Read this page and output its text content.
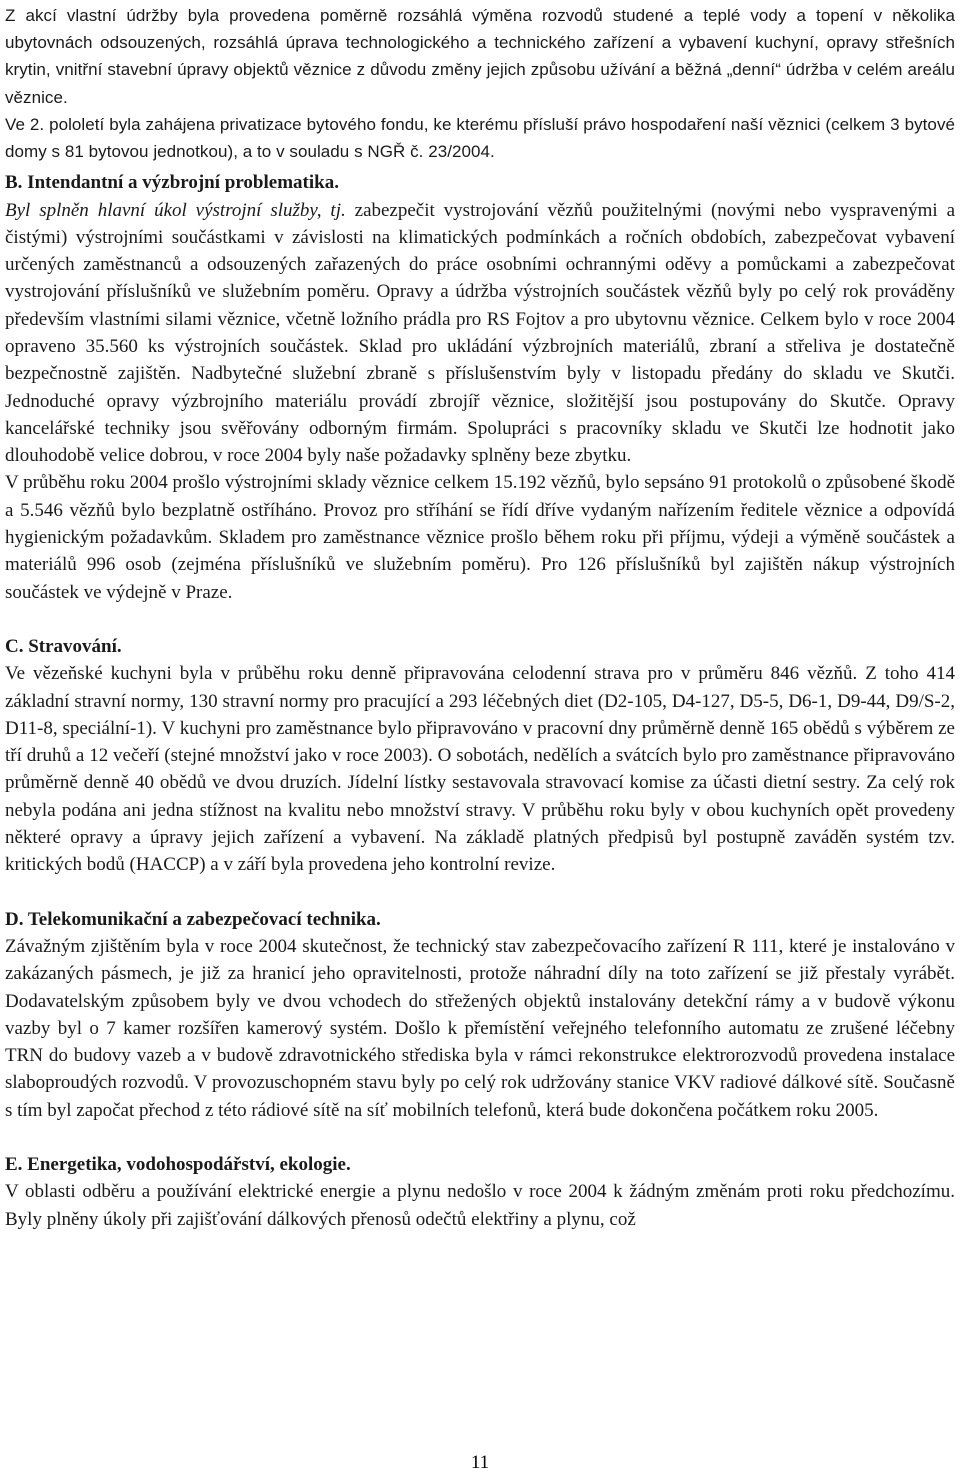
Z akcí vlastní údržby byla provedena poměrně rozsáhlá výměna rozvodů studené a teplé vody a topení v několika ubytovnách odsouzených, rozsáhlá úprava technologického a technického zařízení a vybavení kuchyní, opravy střešních krytin, vnitřní stavební úpravy objektů věznice z důvodu změny jejich způsobu užívání a běžná „denní“ údržba v celém areálu věznice.

Ve 2. pololetí byla zahájena privatizace bytového fondu, ke kterému přísluší právo hospodaření naší věznici (celkem 3 bytové domy s 81 bytovou jednotkou), a to v souladu s NGŘ č. 23/2004.

B. Intendantní a výzbrojní problematika.

Byl splněn hlavní úkol výstrojní služby, tj. zabezpečit vystrojování vězňů použitelnými (novými nebo vyspravenými a čistými) výstrojními součástkami v závislosti na klimatických podmínkách a ročních obdobích, zabezpečovat vybavení určených zaměstnanců a odsouzených zařazených do práce osobními ochrannými oděvy a pomůckami a zabezpečovat vystrojování příslušníků ve služebním poměru. Opravy a údržba výstrojních součástek vězňů byly po celý rok prováděny především vlastními silami věznice, včetně ložního prádla pro RS Fojtov a pro ubytovnu věznice. Celkem bylo v roce 2004 opraveno 35.560 ks výstrojních součástek. Sklad pro ukládání výzbrojních materiálů, zbraní a střeliva je dostatečně bezpečnostně zajištěn. Nadbytečné služební zbraně s příslušenstvím byly v listopadu předány do skladu ve Skutči. Jednoduché opravy výzbrojního materiálu provádí zbrojíř věznice, složitější jsou postupovány do Skutče. Opravy kancelářské techniky jsou svěřovány odborným firmám. Spolupráci s pracovníky skladu ve Skutči lze hodnotit jako dlouhodobě velice dobrou, v roce 2004 byly naše požadavky splněny beze zbytku.

V průběhu roku 2004 prošlo výstrojními sklady věznice celkem 15.192 vězňů, bylo sepsáno 91 protokolů o způsobené škodě a 5.546 vězňů bylo bezplatně ostříháno. Provoz pro stříhání se řídí dříve vydaným nařízením ředitele věznice a odpovídá hygienickým požadavkům. Skladem pro zaměstnance věznice prošlo během roku při příjmu, výdeji a výměně součástek a materiálů 996 osob (zejména příslušníků ve služebním poměru). Pro 126 příslušníků byl zajištěn nákup výstrojních součástek ve výdejně v Praze.

C. Stravování.

Ve vězeňské kuchyni byla v průběhu roku denně připravována celodenní strava pro v průměru 846 vězňů. Z toho 414 základní stravní normy, 130 stravní normy pro pracující a 293 léčebných diet (D2-105, D4-127, D5-5, D6-1, D9-44, D9/S-2, D11-8, speciální-1). V kuchyni pro zaměstnance bylo připravováno v pracovní dny průměrně denně 165 obědů s výběrem ze tří druhů a 12 večeří (stejné množství jako v roce 2003). O sobotách, nedělích a svátcích bylo pro zaměstnance připravováno průměrně denně 40 obědů ve dvou druzích. Jídelní lístky sestavovala stravovací komise za účasti dietní sestry. Za celý rok nebyla podána ani jedna stížnost na kvalitu nebo množství stravy. V průběhu roku byly v obou kuchyních opět provedeny některé opravy a úpravy jejich zařízení a vybavení. Na základě platných předpisů byl postupně zaváděn systém tzv. kritických bodů (HACCP) a v září byla provedena jeho kontrolní revize.

D. Telekomunikační a zabezpečovací technika.

Závažným zjištěním byla v roce 2004 skutečnost, že technický stav zabezpečovacího zařízení R 111, které je instalováno v zakázaných pásmech, je již za hranicí jeho opravitelnosti, protože náhradní díly na toto zařízení se již přestaly vyrábět. Dodavatelským způsobem byly ve dvou vchodech do střežených objektů instalovány detekční rámy a v budově výkonu vazby byl o 7 kamer rozšířen kamerový systém. Došlo k přemístění veřejného telefonního automatu ze zrušené léčebny TRN do budovy vazeb a v budově zdravotnického střediska byla v rámci rekonstrukce elektrorozvodů provedena instalace slaboproudých rozvodů. V provozuschopném stavu byly po celý rok udržovány stanice VKV radiové dálkové sítě. Současně s tím byl započat přechod z této rádiové sítě na síť mobilních telefonů, která bude dokončena počátkem roku 2005.

E. Energetika, vodohospodářství, ekologie.

V oblasti odběru a používání elektrické energie a plynu nedošlo v roce 2004 k žádným změnám proti roku předchozímu. Byly plněny úkoly při zajišťování dálkových přenosů odečtů elektřiny a plynu, což

11
